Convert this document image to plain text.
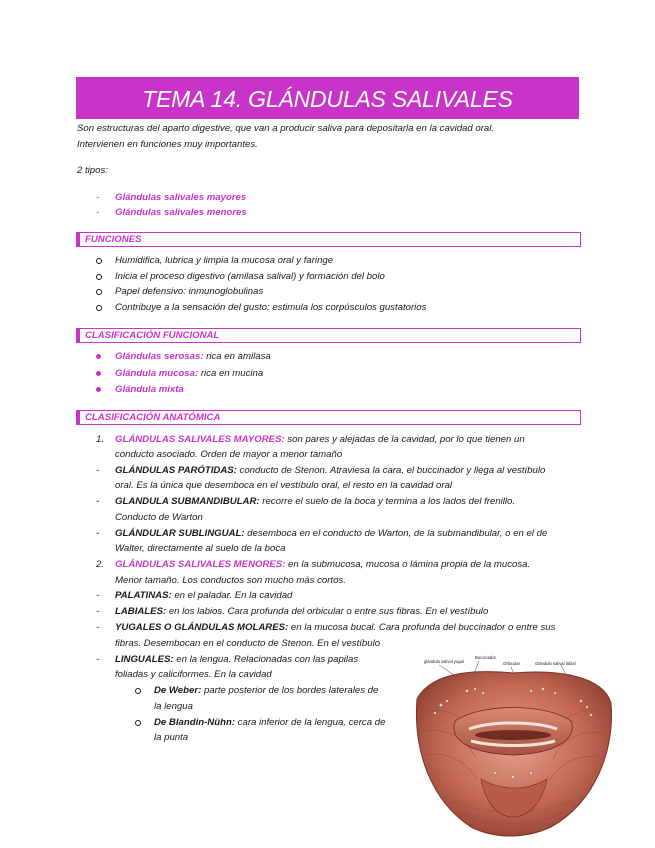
TEMA 14. GLÁNDULAS SALIVALES
Son estructuras del aparto digestive, que van a producir saliva para depositarla en la cavidad oral.
Intervienen en funciones muy importantes.
2 tipos:
-	Glándulas salivales mayores
-	Glándulas salivales menores
FUNCIONES
Humidifica, lubrica y limpia la mucosa oral y faringe
Inicia el proceso digestivo (amilasa salival) y formación del bolo
Papel defensivo: inmunoglobulinas
Contribuye a la sensación del gusto: estimula los corpúsculos gustatorios
CLASIFICACIÓN FUNCIONAL
Glándulas serosas: rica en amilasa
Glándula mucosa: rica en mucina
Glándula mixta
CLASIFICACIÓN ANATÓMICA
1.	GLÁNDULAS SALIVALES MAYORES: son pares y alejadas de la cavidad, por lo que tienen un
conducto asociado. Orden de mayor a menor tamaño
-	GLÁNDULAS PARÓTIDAS: conducto de Stenon. Atraviesa la cara, el buccinador y llega al vestíbulo
oral. Es la única que desemboca en el vestíbulo oral, el resto en la cavidad oral
-	GLANDULA SUBMANDIBULAR: recorre el suelo de la boca y termina a los lados del frenillo.
Conducto de Warton
-	GLÁNDULAR SUBLINGUAL: desemboca en el conducto de Warton, de la submandibular, o en el de
Walter, directamente al suelo de la boca
2.	GLÁNDULAS SALIVALES MENORES: en la submucosa, mucosa o lámina propia de la mucosa.
Menor tamaño. Los conductos son mucho más cortos.
-	PALATINAS: en el paladar. En la cavidad
-	LABIALES: en los labios. Cara profunda del orbicular o entre sus fibras. En el vestíbulo
-	YUGALES O GLÁNDULAS MOLARES: en la mucosa bucal. Cara profunda del buccinador o entre sus
fibras. Desembocan en el conducto de Stenon. En el vestíbulo
-	LINGUALES: en la lengua. Relacionadas con las papilas
foliadas y caliciformes. En la cavidad
De Weber: parte posterior de los bordes laterales de
la lengua
De Blandin-Nühn: cara inferior de la lengua, cerca de
la punta
glándula salival yugal
Buccinador
Orbicular	Glándula salival labial
